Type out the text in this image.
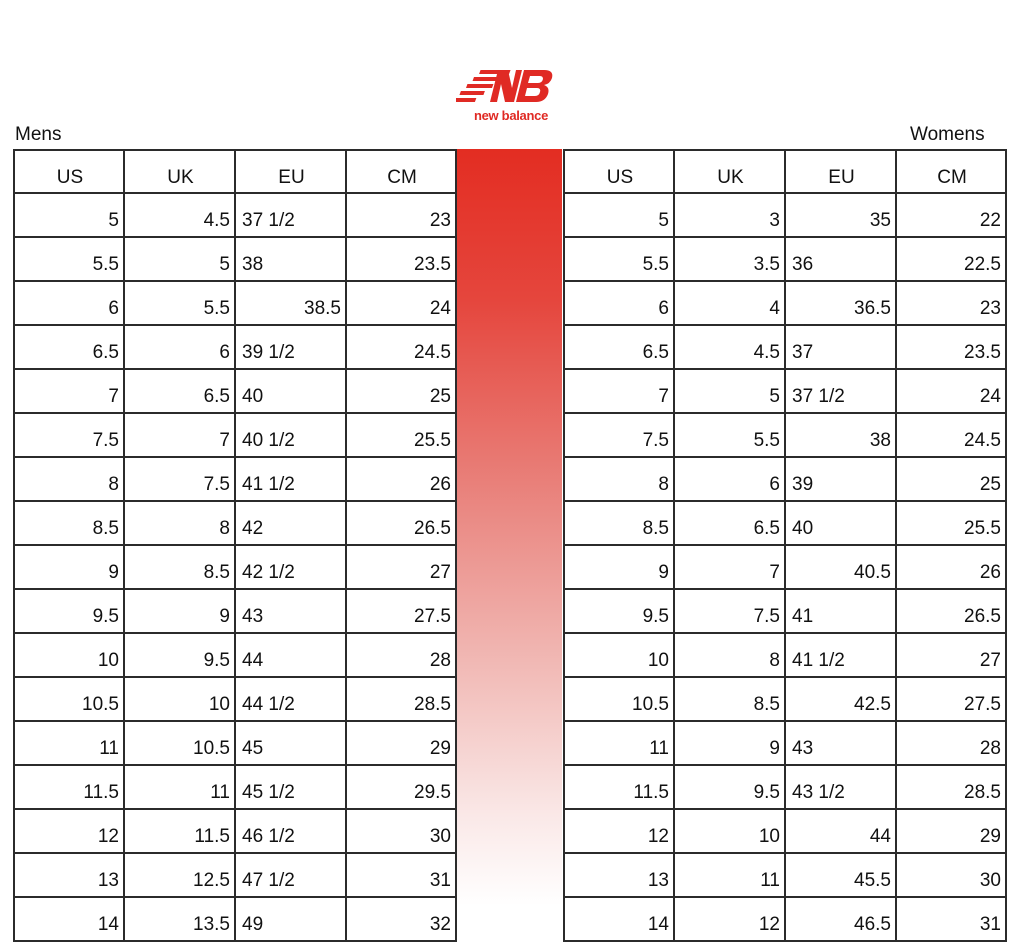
new balance
Mens	Womens
US	UK	EU	CM
5	4.5	37 1/2	23
5.5	5	38	23.5
6	5.5	38.5	24
6.5	6	39 1/2	24.5
7	6.5	40	25
7.5	7	40 1/2	25.5
8	7.5	41 1/2	26
8.5	8	42	26.5
9	8.5	42 1/2	27
9.5	9	43	27.5
10	9.5	44	28
10.5	10	44 1/2	28.5
11	10.5	45	29
11.5	11	45 1/2	29.5
12	11.5	46 1/2	30
13	12.5	47 1/2	31
14	13.5	49	32
US	UK	EU	CM
5	3	35	22
5.5	3.5	36	22.5
6	4	36.5	23
6.5	4.5	37	23.5
7	5	37 1/2	24
7.5	5.5	38	24.5
8	6	39	25
8.5	6.5	40	25.5
9	7	40.5	26
9.5	7.5	41	26.5
10	8	41 1/2	27
10.5	8.5	42.5	27.5
11	9	43	28
11.5	9.5	43 1/2	28.5
12	10	44	29
13	11	45.5	30
14	12	46.5	31
